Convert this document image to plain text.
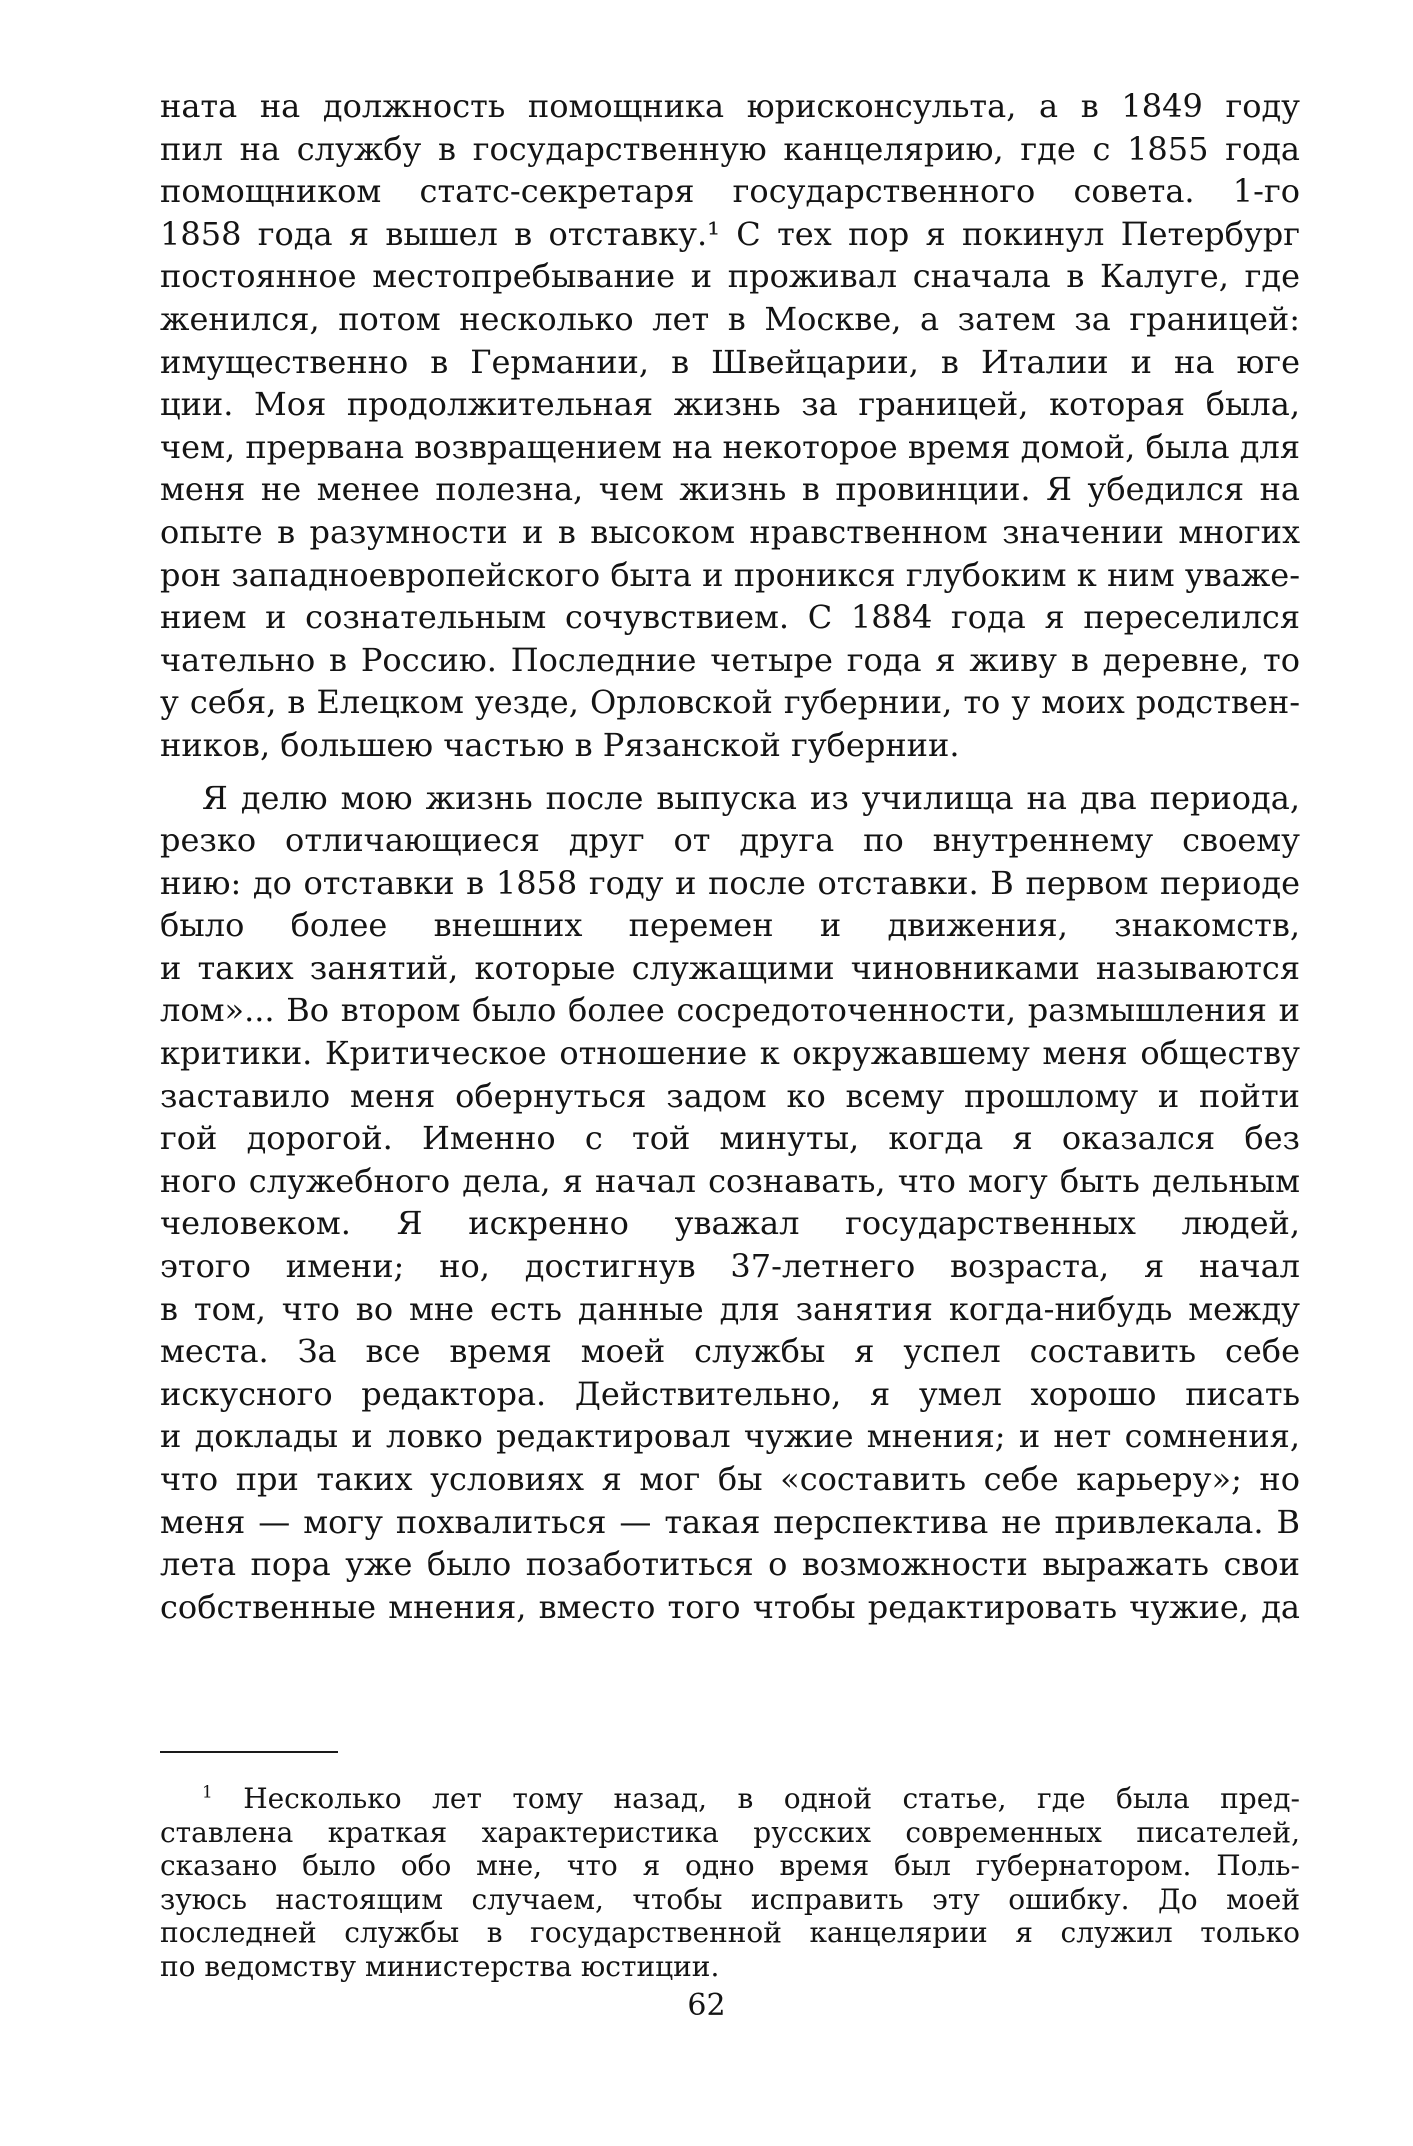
ната на должность помощника юрисконсульта, а в 1849 году
пил на службу в государственную канцелярию, где с 1855 года
помощником статс-секретаря государственного совета. 1-го
1858 года я вышел в отставку.¹ С тех пор я покинул Петербург
постоянное местопребывание и проживал сначала в Калуге, где
женился, потом несколько лет в Москве, а затем за границей:
имущественно в Германии, в Швейцарии, в Италии и на юге
ции. Моя продолжительная жизнь за границей, которая была,
чем, прервана возвращением на некоторое время домой, была для
меня не менее полезна, чем жизнь в провинции. Я убедился на
опыте в разумности и в высоком нравственном значении многих
рон западноевропейского быта и проникся глубоким к ним уваже-
нием и сознательным сочувствием. С 1884 года я переселился
чательно в Россию. Последние четыре года я живу в деревне, то
у себя, в Елецком уезде, Орловской губернии, то у моих родствен-
ников, большею частью в Рязанской губернии.
Я делю мою жизнь после выпуска из училища на два периода,
резко отличающиеся друг от друга по внутреннему своему
нию: до отставки в 1858 году и после отставки. В первом периоде
было более внешних перемен и движения, знакомств,
и таких занятий, которые служащими чиновниками называются
лом»... Во втором было более сосредоточенности, размышления и
критики. Критическое отношение к окружавшему меня обществу
заставило меня обернуться задом ко всему прошлому и пойти
гой дорогой. Именно с той минуты, когда я оказался без
ного служебного дела, я начал сознавать, что могу быть дельным
человеком. Я искренно уважал государственных людей,
этого имени; но, достигнув 37-летнего возраста, я начал
в том, что во мне есть данные для занятия когда-нибудь между
места. За все время моей службы я успел составить себе
искусного редактора. Действительно, я умел хорошо писать
и доклады и ловко редактировал чужие мнения; и нет сомнения,
что при таких условиях я мог бы «составить себе карьеру»; но
меня — могу похвалиться — такая перспектива не привлекала. В
лета пора уже было позаботиться о возможности выражать свои
собственные мнения, вместо того чтобы редактировать чужие, да
$^1$ Несколько лет тому назад, в одной статье, где была пред-
ставлена краткая характеристика русских современных писателей,
сказано было обо мне, что я одно время был губернатором. Поль-
зуюсь настоящим случаем, чтобы исправить эту ошибку. До моей
последней службы в государственной канцелярии я служил только
по ведомству министерства юстиции.
62
